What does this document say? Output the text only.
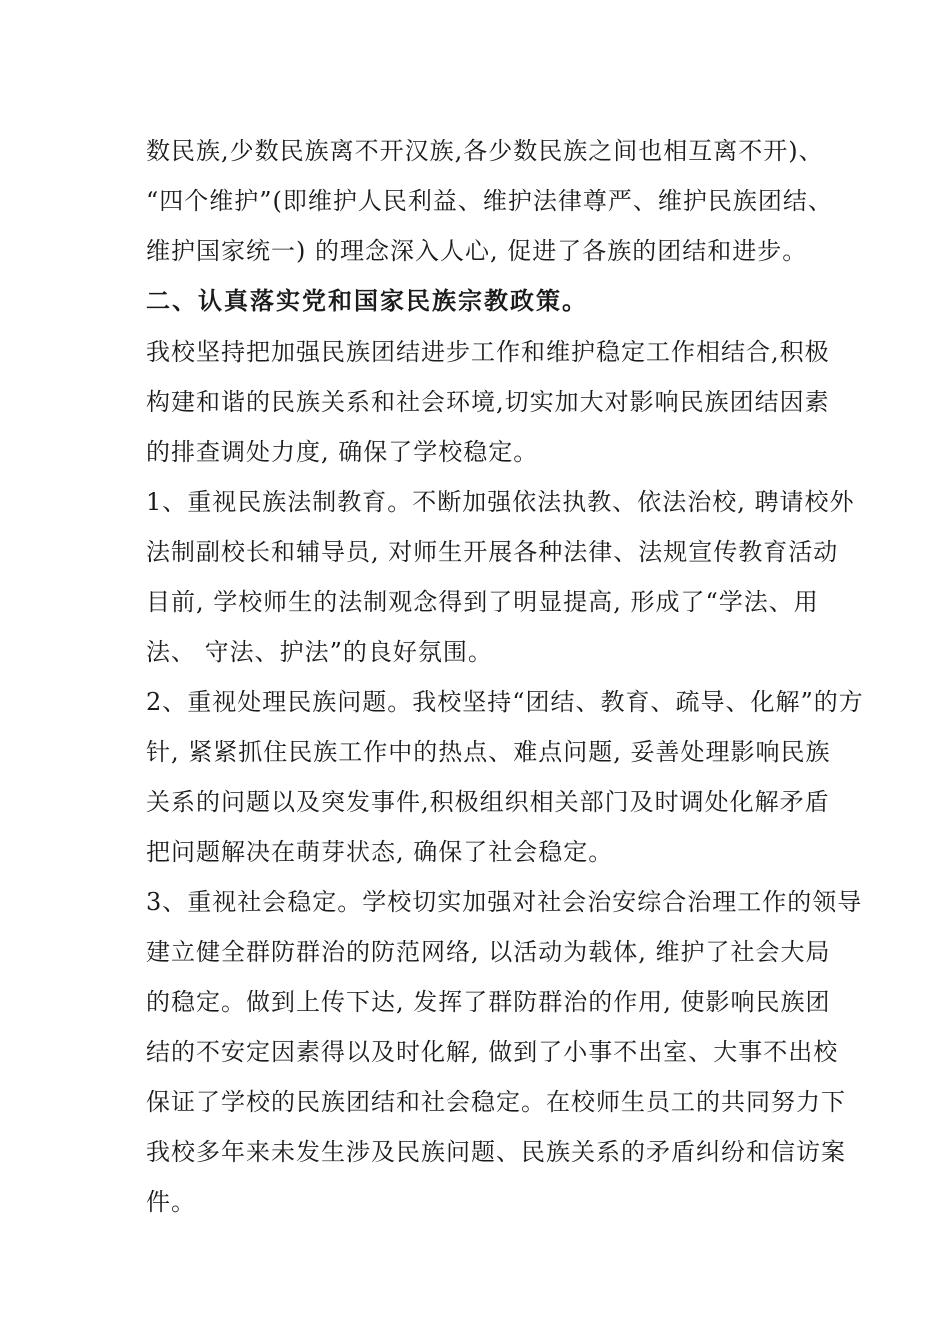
数民族,少数民族离不开汉族,各少数民族之间也相互离不开)、
“四个维护”(即维护人民利益、维护法律尊严、维护民族团结、
维护国家统一) 的理念深入人心, 促进了各族的团结和进步。
二、认真落实党和国家民族宗教政策。
我校坚持把加强民族团结进步工作和维护稳定工作相结合,积极
构建和谐的民族关系和社会环境,切实加大对影响民族团结因素
的排查调处力度, 确保了学校稳定。
1、重视民族法制教育。不断加强依法执教、依法治校, 聘请校外
法制副校长和辅导员, 对师生开展各种法律、法规宣传教育活动
目前, 学校师生的法制观念得到了明显提高, 形成了“学法、用
法、 守法、护法”的良好氛围。
2、重视处理民族问题。我校坚持“团结、教育、疏导、化解”的方
针, 紧紧抓住民族工作中的热点、难点问题, 妥善处理影响民族
关系的问题以及突发事件,积极组织相关部门及时调处化解矛盾
把问题解决在萌芽状态, 确保了社会稳定。
3、重视社会稳定。学校切实加强对社会治安综合治理工作的领导
建立健全群防群治的防范网络, 以活动为载体, 维护了社会大局
的稳定。做到上传下达, 发挥了群防群治的作用, 使影响民族团
结的不安定因素得以及时化解, 做到了小事不出室、大事不出校
保证了学校的民族团结和社会稳定。在校师生员工的共同努力下
我校多年来未发生涉及民族问题、民族关系的矛盾纠纷和信访案
件。
